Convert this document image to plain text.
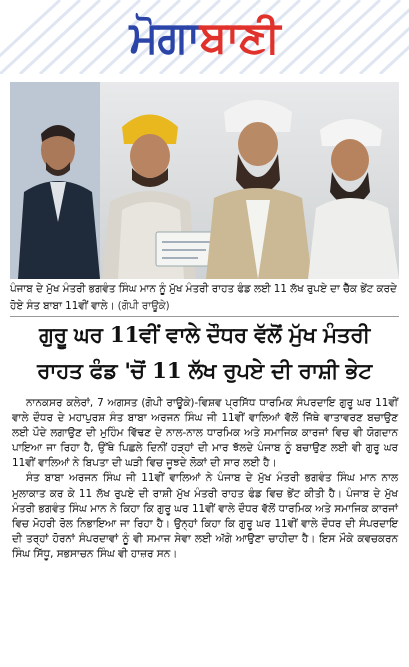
ਮੋਗਾ ਬਾਣੀ
ਪੰਜਾਬ ਦੇ ਮੁੱਖ ਮੰਤਰੀ ਭਗਵੰਤ ਸਿੰਘ ਮਾਨ ਨੂੰ ਮੁੱਖ ਮੰਤਰੀ ਰਾਹਤ ਫੰਡ ਲਈ 11 ਲੱਖ ਰੁਪਏ ਦਾ ਚੈੱਕ ਭੇਂਟ ਕਰਦੇ ਹੋਏ ਸੰਤ ਬਾਬਾ 11ਵੀਂ ਵਾਲੇ। (ਗੋਪੀ ਰਾਊਕੇ)
ਗੁਰੂ ਘਰ 11ਵੀਂ ਵਾਲੇ ਦੌਧਰ ਵੱਲੋਂ ਮੁੱਖ ਮੰਤਰੀ
ਰਾਹਤ ਫੰਡ 'ਚੋਂ 11 ਲੱਖ ਰੁਪਏ ਦੀ ਰਾਸ਼ੀ ਭੇਟ

ਨਾਨਕਸਰ ਕਲੇਰਾਂ, 7 ਅਗਸਤ (ਗੋਪੀ ਰਾਊਕੇ)-ਵਿਸ਼ਵ ਪ੍ਰਸਿੱਧ ਧਾਰਮਿਕ ਸੰਪਰਦਾਇ ਗੁਰੂ ਘਰ 11ਵੀਂ ਵਾਲੇ ਦੌਧਰ ਦੇ ਮਹਾਪੁਰਸ਼ ਸੰਤ ਬਾਬਾ ਅਰਜਨ ਸਿੰਘ ਜੀ 11ਵੀਂ ਵਾਲਿਆਂ ਵੱਲੋਂ ਜਿੱਥੇ ਵਾਤਾਵਰਣ ਬਚਾਉਣ ਲਈ ਪੌਦੇ ਲਗਾਉਣ ਦੀ ਮੁਹਿੰਮ ਵਿੱਢਣ ਦੇ ਨਾਲ-ਨਾਲ ਧਾਰਮਿਕ ਅਤੇ ਸਮਾਜਿਕ ਕਾਰਜਾਂ ਵਿਚ ਵੀ ਯੋਗਦਾਨ ਪਾਇਆ ਜਾ ਰਿਹਾ ਹੈ, ਉੱਥੇ ਪਿਛਲੇ ਦਿਨੀਂ ਹੜ੍ਹਾਂ ਦੀ ਮਾਰ ਝੱਲਦੇ ਪੰਜਾਬ ਨੂੰ ਬਚਾਉਣ ਲਈ ਵੀ ਗੁਰੂ ਘਰ 11ਵੀਂ ਵਾਲਿਆਂ ਨੇ ਬਿਪਤਾ ਦੀ ਘੜੀ ਵਿਚ ਜੂਝਦੇ ਲੋਕਾਂ ਦੀ ਸਾਰ ਲਈ ਹੈ।

ਸੰਤ ਬਾਬਾ ਅਰਜਨ ਸਿੰਘ ਜੀ 11ਵੀਂ ਵਾਲਿਆਂ ਨੇ ਪੰਜਾਬ ਦੇ ਮੁੱਖ ਮੰਤਰੀ ਭਗਵੰਤ ਸਿੰਘ ਮਾਨ ਨਾਲ ਮੁਲਾਕਾਤ ਕਰ ਕੇ 11 ਲੱਖ ਰੁਪਏ ਦੀ ਰਾਸ਼ੀ ਮੁੱਖ ਮੰਤਰੀ ਰਾਹਤ ਫੰਡ ਵਿਚ ਭੇਂਟ ਕੀਤੀ ਹੈ। ਪੰਜਾਬ ਦੇ ਮੁੱਖ ਮੰਤਰੀ ਭਗਵੰਤ ਸਿੰਘ ਮਾਨ ਨੇ ਕਿਹਾ ਕਿ ਗੁਰੂ ਘਰ 11ਵੀਂ ਵਾਲੇ ਦੌਧਰ ਵੱਲੋਂ ਧਾਰਮਿਕ ਅਤੇ ਸਮਾਜਿਕ ਕਾਰਜਾਂ ਵਿਚ ਮੋਹਰੀ ਰੋਲ ਨਿਭਾਇਆ ਜਾ ਰਿਹਾ ਹੈ। ਉਨ੍ਹਾਂ ਕਿਹਾ ਕਿ ਗੁਰੂ ਘਰ 11ਵੀਂ ਵਾਲੇ ਦੌਧਰ ਦੀ ਸੰਪਰਦਾਇ ਦੀ ਤਰ੍ਹਾਂ ਹੋਰਨਾਂ ਸੰਪਰਦਾਵਾਂ ਨੂੰ ਵੀ ਸਮਾਜ ਸੇਵਾ ਲਈ ਅੱਗੇ ਆਉਣਾ ਚਾਹੀਦਾ ਹੈ। ਇਸ ਮੌਕੇ ਕਵਚਕਰਨ ਸਿੰਘ ਸਿੱਧੂ, ਸਭਸਾਚਨ ਸਿੰਘ ਵੀ ਹਾਜ਼ਰ ਸਨ।
